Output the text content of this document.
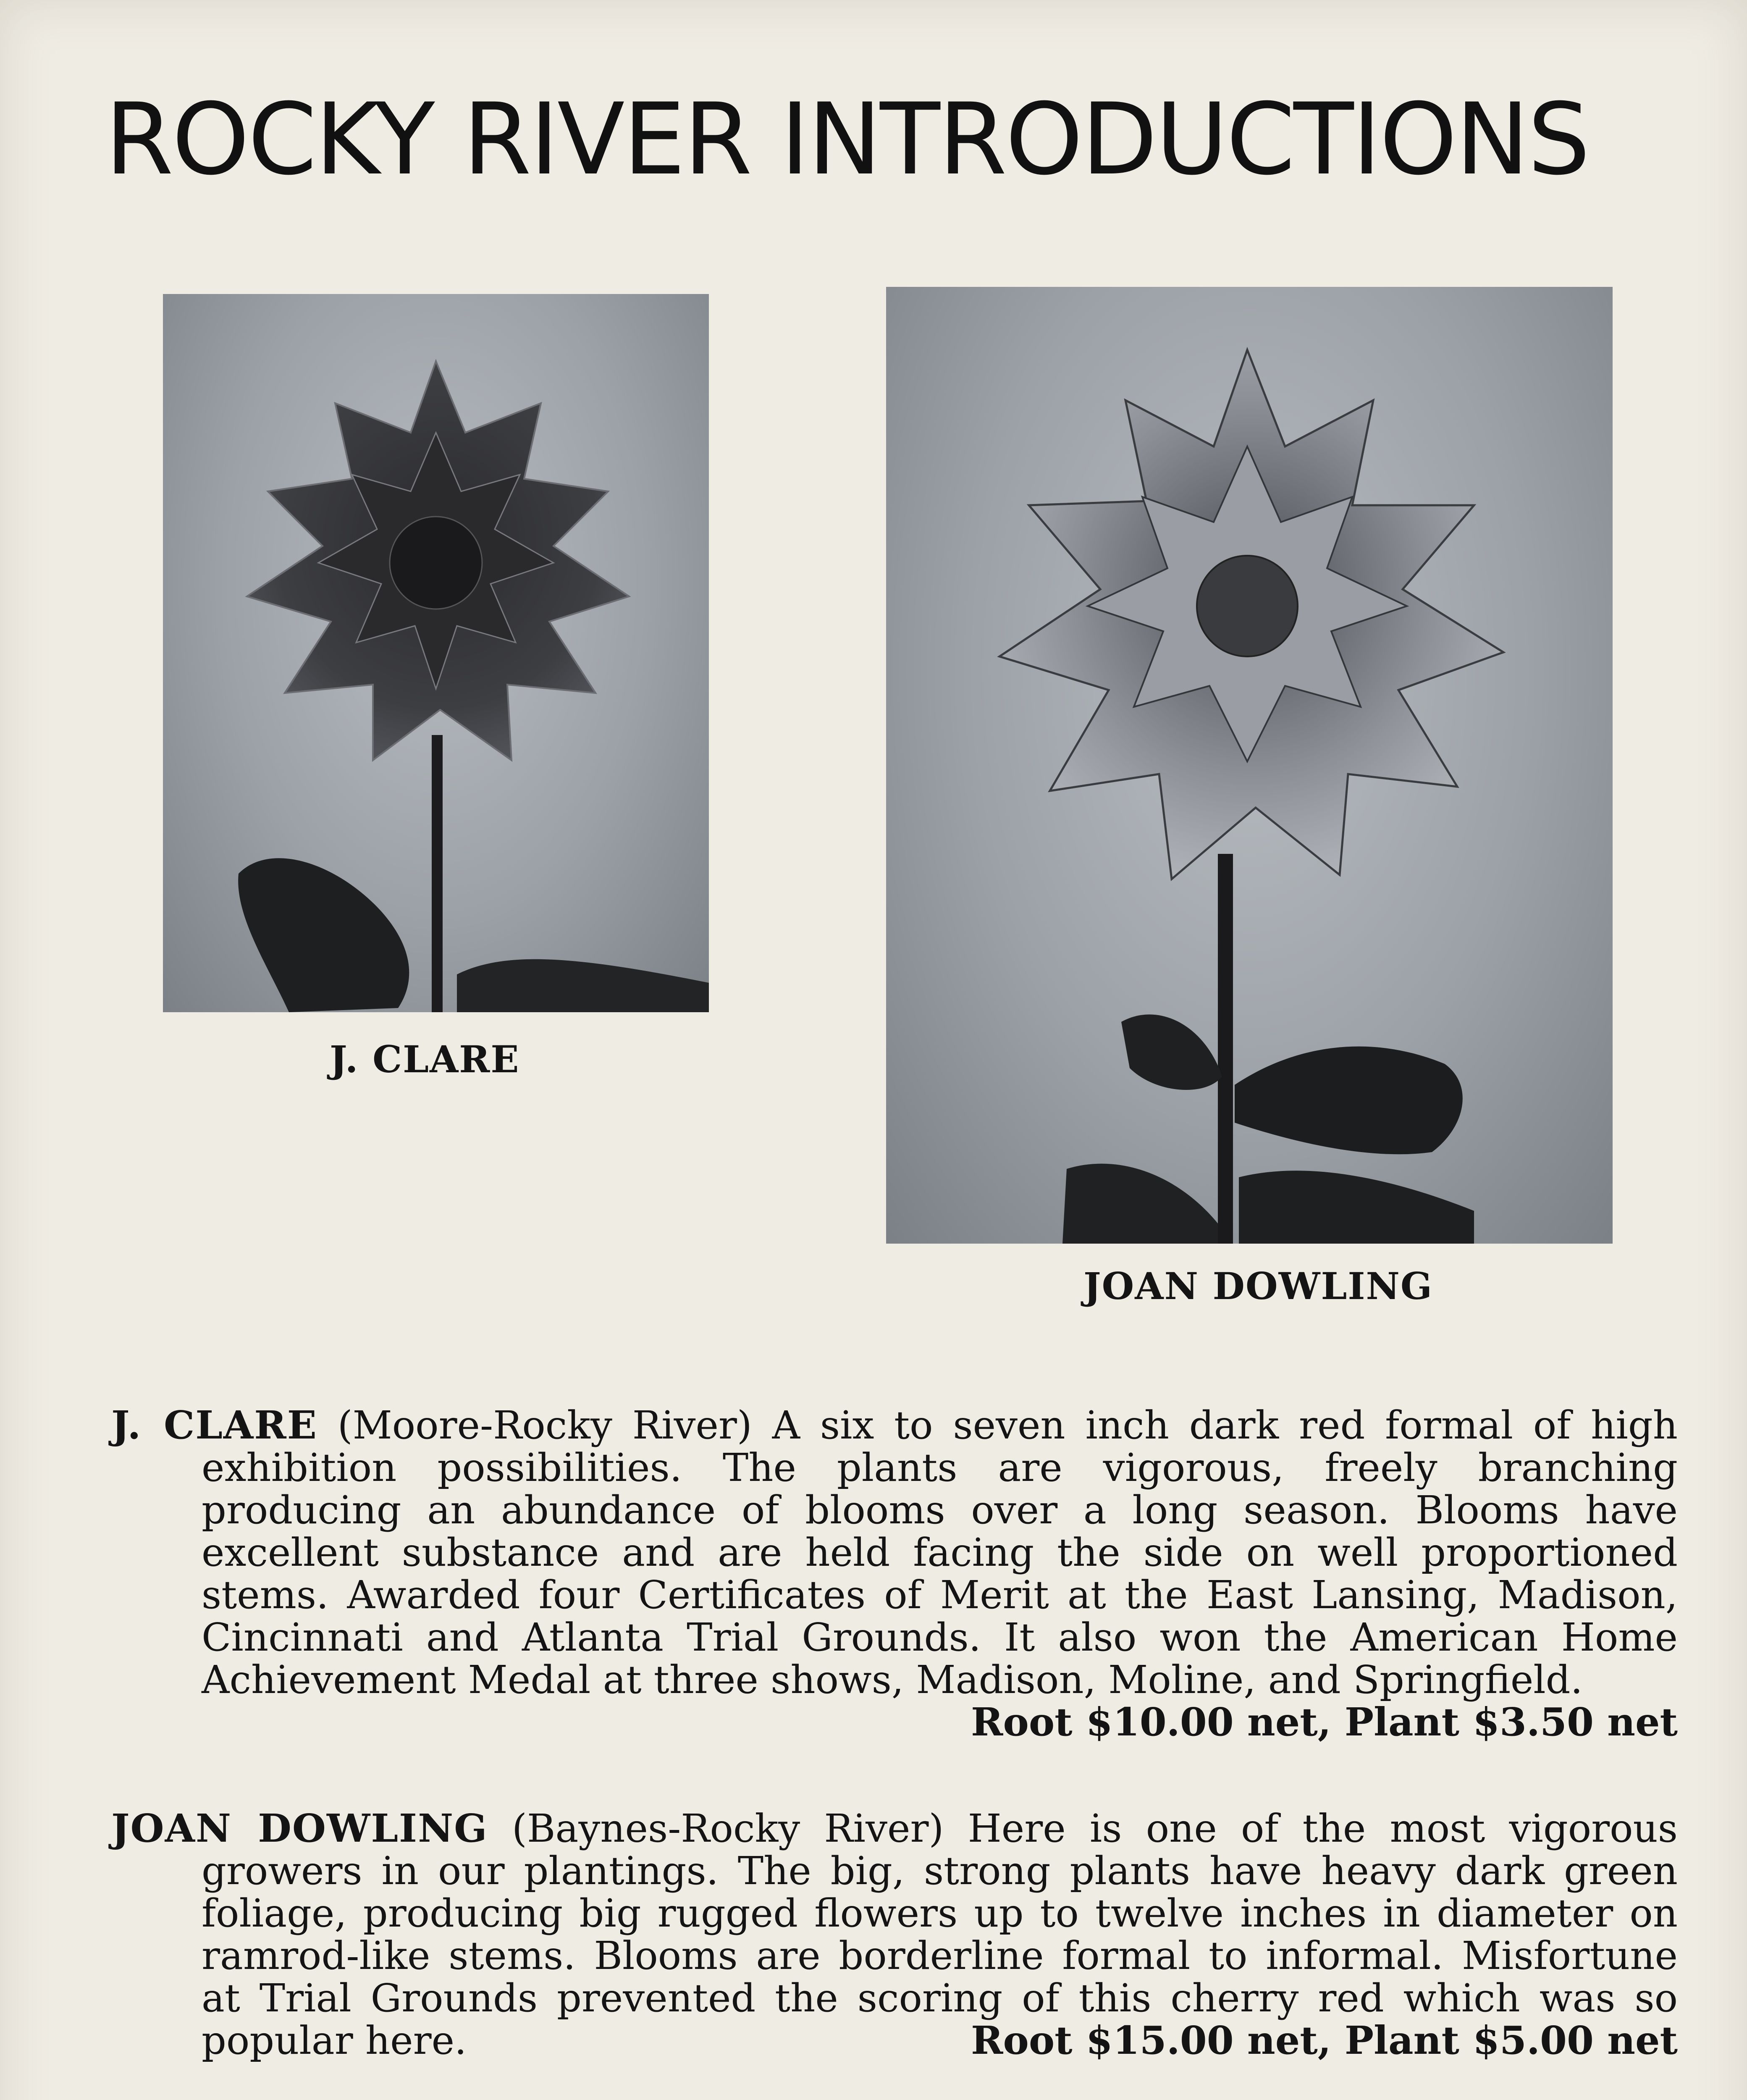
ROCKY RIVER INTRODUCTIONS
J. CLARE
JOAN DOWLING

J. CLARE (Moore-Rocky River) A six to seven inch dark red formal of high exhibition possibilities. The plants are vigorous, freely branching producing an abundance of blooms over a long season. Blooms have excellent substance and are held facing the side on well proportioned stems. Awarded four Certificates of Merit at the East Lansing, Madison, Cincinnati and Atlanta Trial Grounds. It also won the American Home Achievement Medal at three shows, Madison, Moline, and Springfield.
Root $10.00 net, Plant $3.50 net

JOAN DOWLING (Baynes-Rocky River) Here is one of the most vigorous growers in our plantings. The big, strong plants have heavy dark green foliage, producing big rugged flowers up to twelve inches in diameter on ramrod-like stems. Blooms are borderline formal to informal. Misfortune at Trial Grounds prevented the scoring of this cherry red which was so popular here.	Root $15.00 net, Plant $5.00 net
